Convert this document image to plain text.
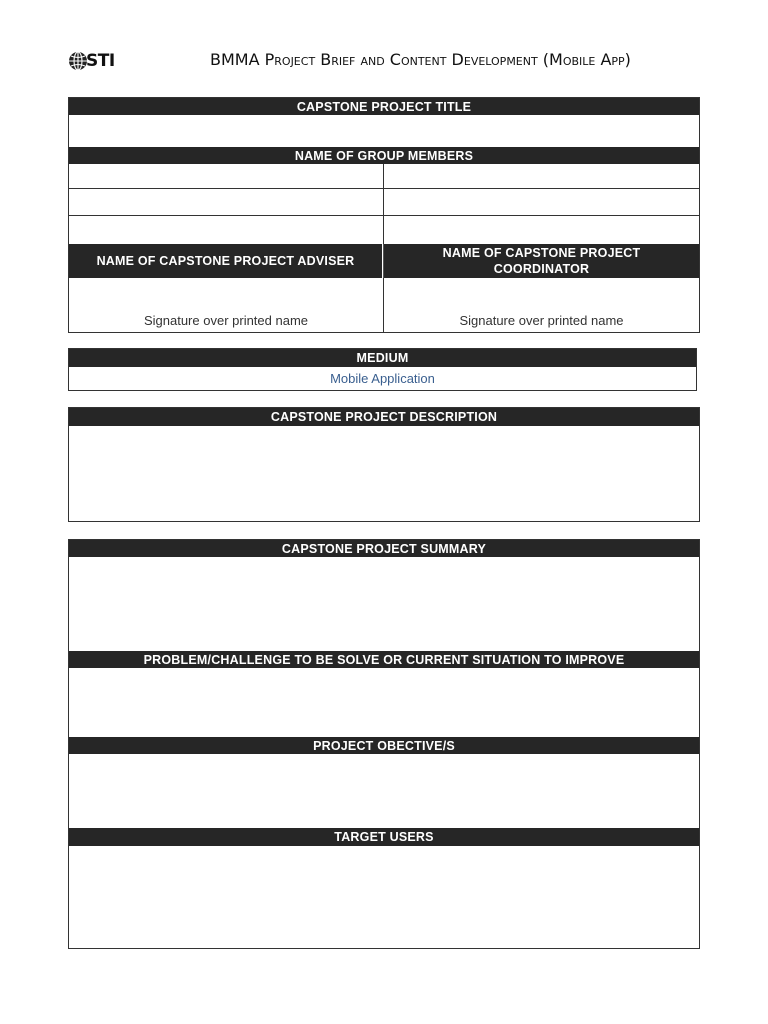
STI	BMMA Project Brief and Content Development (Mobile App)
CAPSTONE PROJECT TITLE
NAME OF GROUP MEMBERS
NAME OF CAPSTONE PROJECT ADVISER
NAME OF CAPSTONE PROJECT COORDINATOR
Signature over printed name	Signature over printed name
MEDIUM
Mobile Application
CAPSTONE PROJECT DESCRIPTION
CAPSTONE PROJECT SUMMARY
PROBLEM/CHALLENGE TO BE SOLVE OR CURRENT SITUATION TO IMPROVE
PROJECT OBECTIVE/S
TARGET USERS
